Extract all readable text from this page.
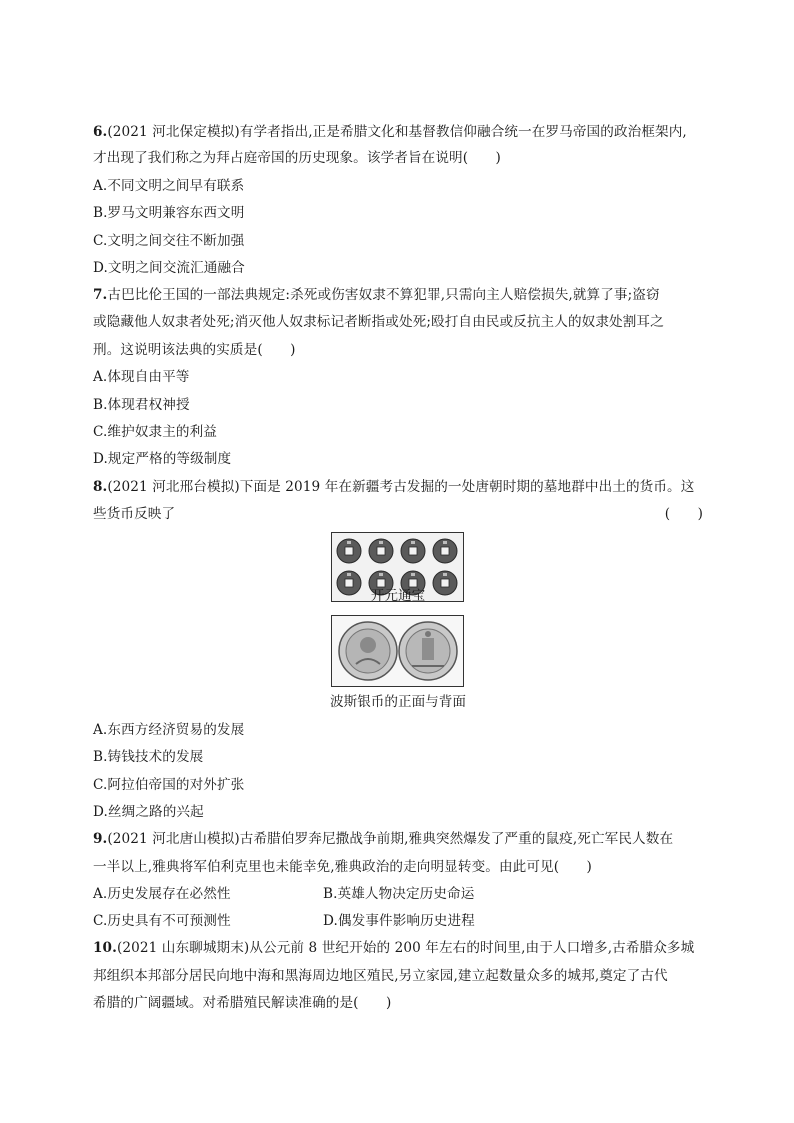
6.(2021 河北保定模拟)有学者指出,正是希腊文化和基督教信仰融合统一在罗马帝国的政治框架内,
才出现了我们称之为拜占庭帝国的历史现象。该学者旨在说明(　　)
A.不同文明之间早有联系
B.罗马文明兼容东西文明
C.文明之间交往不断加强
D.文明之间交流汇通融合
7.古巴比伦王国的一部法典规定:杀死或伤害奴隶不算犯罪,只需向主人赔偿损失,就算了事;盗窃
或隐藏他人奴隶者处死;消灭他人奴隶标记者断指或处死;殴打自由民或反抗主人的奴隶处割耳之
刑。这说明该法典的实质是(　　)
A.体现自由平等
B.体现君权神授
C.维护奴隶主的利益
D.规定严格的等级制度
8.(2021 河北邢台模拟)下面是 2019 年在新疆考古发掘的一处唐朝时期的墓地群中出土的货币。这
些货币反映了	(　　)
开元通宝
波斯银币的正面与背面
A.东西方经济贸易的发展
B.铸钱技术的发展
C.阿拉伯帝国的对外扩张
D.丝绸之路的兴起
9.(2021 河北唐山模拟)古希腊伯罗奔尼撒战争前期,雅典突然爆发了严重的鼠疫,死亡军民人数在
一半以上,雅典将军伯利克里也未能幸免,雅典政治的走向明显转变。由此可见(　　)
A.历史发展存在必然性	B.英雄人物决定历史命运
C.历史具有不可预测性	D.偶发事件影响历史进程
10.(2021 山东聊城期末)从公元前 8 世纪开始的 200 年左右的时间里,由于人口增多,古希腊众多城
邦组织本邦部分居民向地中海和黑海周边地区殖民,另立家园,建立起数量众多的城邦,奠定了古代
希腊的广阔疆域。对希腊殖民解读准确的是(　　)
